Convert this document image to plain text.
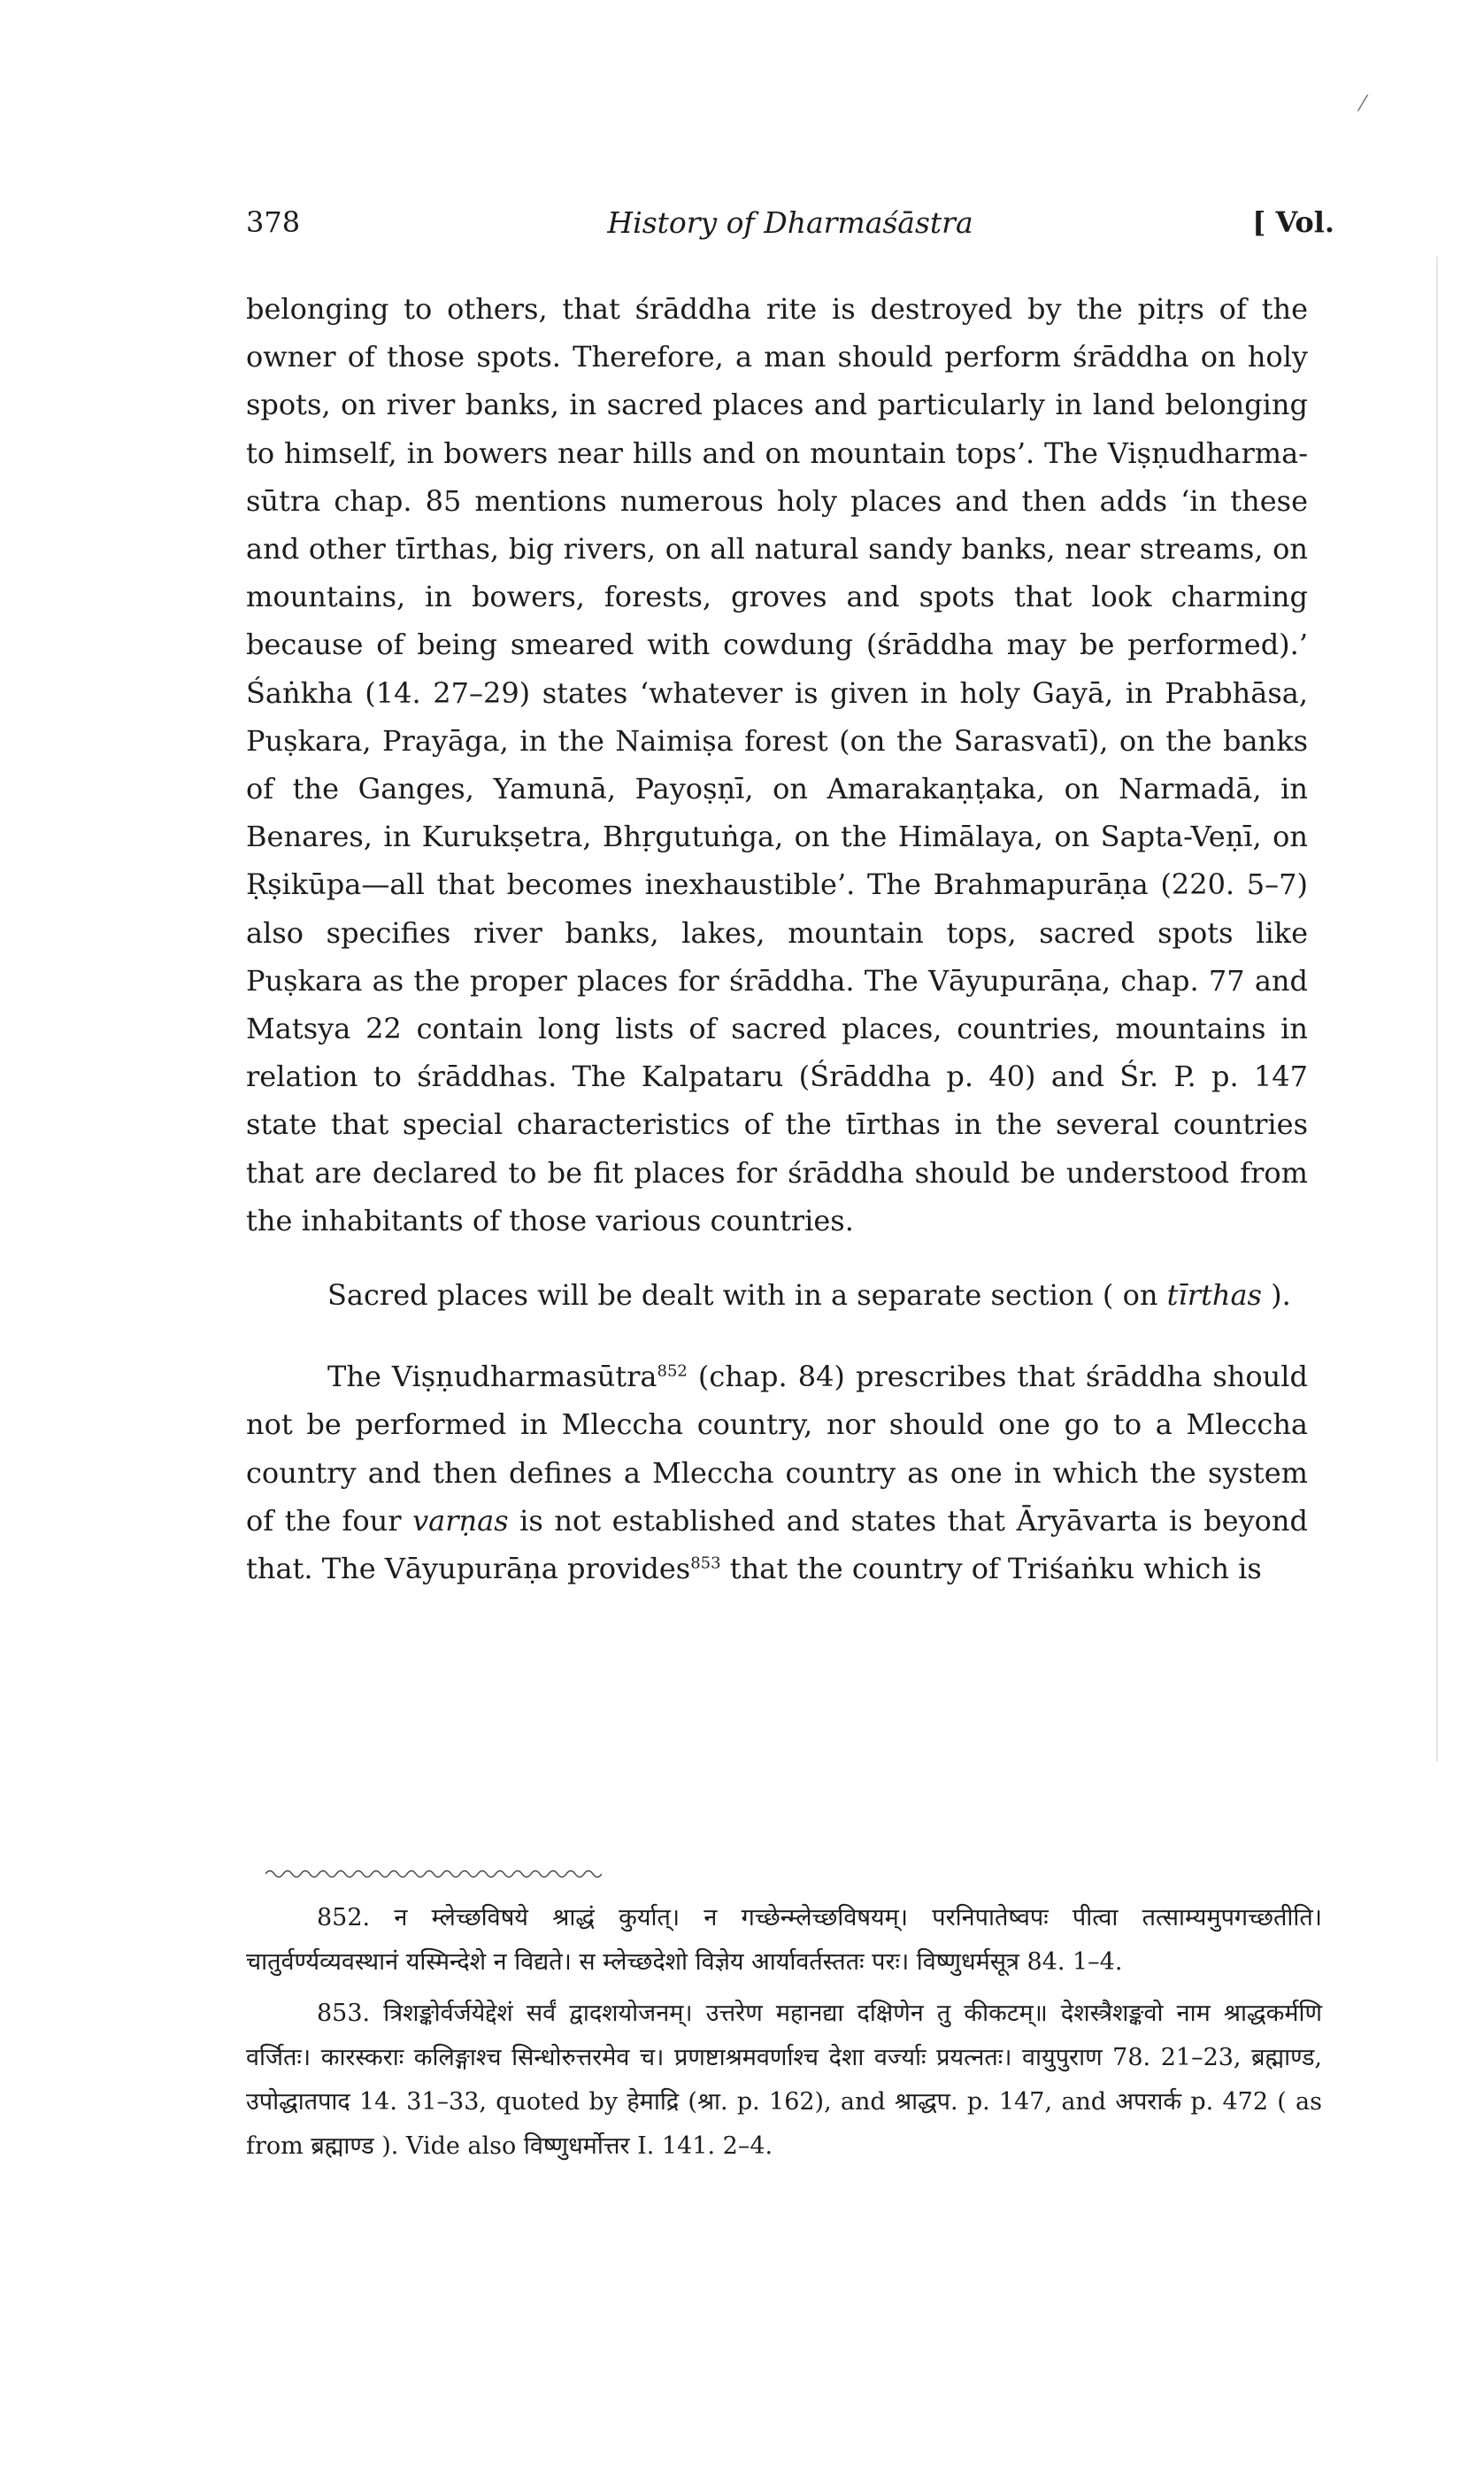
⁄
378	History of Dharmaśāstra	[ Vol.

belonging to others, that śrāddha rite is destroyed by the pitṛs of the owner of those spots. Therefore, a man should perform śrāddha on holy spots, on river banks, in sacred places and particularly in land belonging to himself, in bowers near hills and on mountain tops’. The Viṣṇudharma-sūtra chap. 85 mentions numerous holy places and then adds ‘in these and other tīrthas, big rivers, on all natural sandy banks, near streams, on mountains, in bowers, forests, groves and spots that look charming because of being smeared with cowdung (śrāddha may be performed).’ Śaṅkha (14. 27–29) states ‘whatever is given in holy Gayā, in Prabhāsa, Puṣkara, Prayāga, in the Naimiṣa forest (on the Sarasvatī), on the banks of the Ganges, Yamunā, Payoṣṇī, on Amarakaṇṭaka, on Narmadā, in Benares, in Kurukṣetra, Bhṛgutuṅga, on the Himālaya, on Sapta-Veṇī, on Ṛṣikūpa—all that becomes inexhaustible’. The Brahmapurāṇa (220. 5–7) also specifies river banks, lakes, mountain tops, sacred spots like Puṣkara as the proper places for śrāddha. The Vāyupurāṇa, chap. 77 and Matsya 22 contain long lists of sacred places, countries, mountains in relation to śrāddhas. The Kalpataru (Śrāddha p. 40) and Śr. P. p. 147 state that special characteristics of the tīrthas in the several countries that are declared to be fit places for śrāddha should be understood from the inhabitants of those various countries.

Sacred places will be dealt with in a separate section ( on tīrthas ).

The Viṣṇudharmasūtra$^{852}$ (chap. 84) prescribes that śrāddha should not be performed in Mleccha country, nor should one go to a Mleccha country and then defines a Mleccha country as one in which the system of the four varṇas is not established and states that Āryāvarta is beyond that. The Vāyupurāṇa provides$^{853}$ that the country of Triśaṅku which is

852. न म्लेच्छविषये श्राद्धं कुर्यात्। न गच्छेन्म्लेच्छविषयम्। परनिपातेष्वपः पीत्वा तत्साम्यमुपगच्छतीति। चातुर्वर्ण्यव्यवस्थानं यस्मिन्देशे न विद्यते। स म्लेच्छदेशो विज्ञेय आर्यावर्तस्ततः परः। विष्णुधर्मसूत्र 84. 1–4.

853. त्रिशङ्कोर्वर्जयेद्देशं सर्वं द्वादशयोजनम्। उत्तरेण महानद्या दक्षिणेन तु कीकटम्॥ देशस्त्रैशङ्कवो नाम श्राद्धकर्मणि वर्जितः। कारस्कराः कलिङ्गाश्च सिन्धोरुत्तरमेव च। प्रणष्टाश्रमवर्णाश्च देशा वर्ज्याः प्रयत्नतः। वायुपुराण 78. 21–23, ब्रह्माण्ड, उपोद्धातपाद 14. 31–33, quoted by हेमाद्रि (श्रा. p. 162), and श्राद्धप. p. 147, and अपरार्क p. 472 ( as from ब्रह्माण्ड ). Vide also विष्णुधर्मोत्तर I. 141. 2–4.
